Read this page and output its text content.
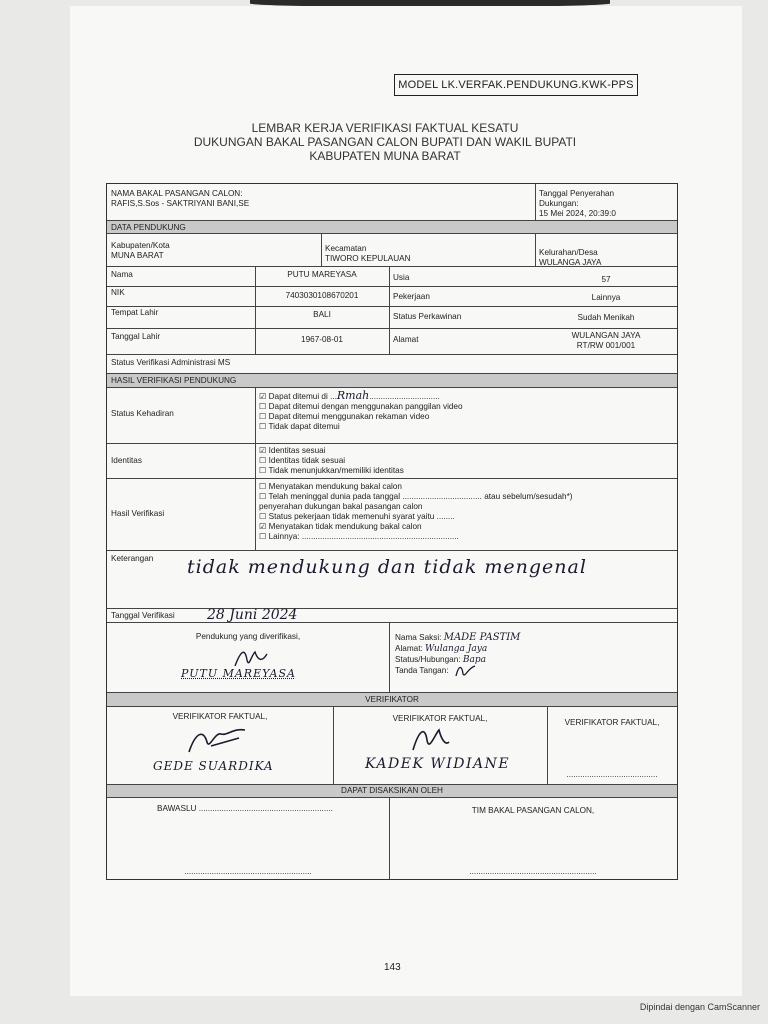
MODEL LK.VERFAK.PENDUKUNG.KWK-PPS
LEMBAR KERJA VERIFIKASI FAKTUAL KESATU
DUKUNGAN BAKAL PASANGAN CALON BUPATI DAN WAKIL BUPATI
KABUPATEN MUNA BARAT
NAMA BAKAL PASANGAN CALON:
RAFIS,S.Sos - SAKTRIYANI BANI,SE
Tanggal Penyerahan
Dukungan:
15 Mei 2024, 20:39:0
DATA PENDUKUNG
Kabupaten/Kota
MUNA BARAT
Kecamatan
TIWORO KEPULAUAN
Kelurahan/Desa
WULANGA JAYA
Nama	PUTU MAREYASA	Usia	57
NIK	7403030108670201	Pekerjaan	Lainnya
Tempat Lahir	BALI	Status Perkawinan	Sudah Menikah
Tanggal Lahir	1967-08-01	Alamat	WULANGAN JAYA
RT/RW 001/001
Status Verifikasi Administrasi MS
HASIL VERIFIKASI PENDUKUNG
Status Kehadiran
☑ Dapat ditemui di ...Rmah...............................
☐ Dapat ditemui dengan menggunakan panggilan video
☐ Dapat ditemui menggunakan rekaman video
☐ Tidak dapat ditemui
Identitas
☑ Identitas sesuai
☐ Identitas tidak sesuai
☐ Tidak menunjukkan/memiliki identitas
Hasil Verifikasi
☐ Menyatakan mendukung bakal calon
☐ Telah meninggal dunia pada tanggal ................................... atau sebelum/sesudah*)
penyerahan dukungan bakal pasangan calon
☐ Status pekerjaan tidak memenuhi syarat yaitu ........
☑ Menyatakan tidak mendukung bakal calon
☐ Lainnya: .....................................................................
Keterangan tidak mendukung dan tidak mengenal
Tanggal Verifikasi 28 Juni 2024
Pendukung yang diverifikasi,
PUTU MAREYASA
Nama Saksi: MADE PASTIM
Alamat: Wulanga Jaya
Status/Hubungan: Bapa
Tanda Tangan:
VERIFIKATOR
VERIFIKATOR FAKTUAL,
GEDE SUARDIKA
VERIFIKATOR FAKTUAL,
KADEK WIDIANE
VERIFIKATOR FAKTUAL,
........................................
DAPAT DISAKSIKAN OLEH
BAWASLU ...........................................................
........................................................
TIM BAKAL PASANGAN CALON,
........................................................
143
Dipindai dengan CamScanner
